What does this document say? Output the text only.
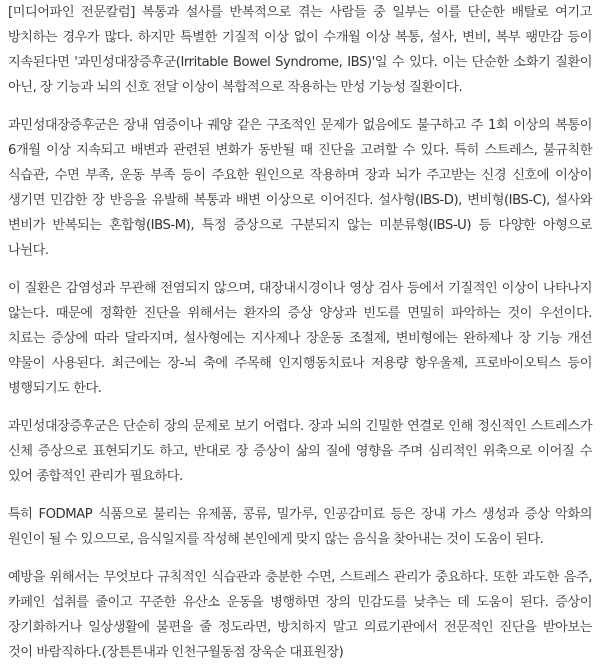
[미디어파인 전문칼럼] 복통과 설사를 반복적으로 겪는 사람들 중 일부는 이를 단순한 배탈로 여기고 방치하는 경우가 많다. 하지만 특별한 기질적 이상 없이 수개월 이상 복통, 설사, 변비, 복부 팽만감 등이 지속된다면 '과민성대장증후군(Irritable Bowel Syndrome, IBS)'일 수 있다. 이는 단순한 소화기 질환이 아닌, 장 기능과 뇌의 신호 전달 이상이 복합적으로 작용하는 만성 기능성 질환이다.

과민성대장증후군은 장내 염증이나 궤양 같은 구조적인 문제가 없음에도 불구하고 주 1회 이상의 복통이 6개월 이상 지속되고 배변과 관련된 변화가 동반될 때 진단을 고려할 수 있다. 특히 스트레스, 불규칙한 식습관, 수면 부족, 운동 부족 등이 주요한 원인으로 작용하며 장과 뇌가 주고받는 신경 신호에 이상이 생기면 민감한 장 반응을 유발해 복통과 배변 이상으로 이어진다. 설사형(IBS-D), 변비형(IBS-C), 설사와 변비가 반복되는 혼합형(IBS-M), 특정 증상으로 구분되지 않는 미분류형(IBS-U) 등 다양한 아형으로 나뉜다.

이 질환은 감염성과 무관해 전염되지 않으며, 대장내시경이나 영상 검사 등에서 기질적인 이상이 나타나지 않는다. 때문에 정확한 진단을 위해서는 환자의 증상 양상과 빈도를 면밀히 파악하는 것이 우선이다. 치료는 증상에 따라 달라지며, 설사형에는 지사제나 장운동 조절제, 변비형에는 완하제나 장 기능 개선 약물이 사용된다. 최근에는 장-뇌 축에 주목해 인지행동치료나 저용량 항우울제, 프로바이오틱스 등이 병행되기도 한다.

과민성대장증후군은 단순히 장의 문제로 보기 어렵다. 장과 뇌의 긴밀한 연결로 인해 정신적인 스트레스가 신체 증상으로 표현되기도 하고, 반대로 장 증상이 삶의 질에 영향을 주며 심리적인 위축으로 이어질 수 있어 종합적인 관리가 필요하다.

특히 FODMAP 식품으로 불리는 유제품, 콩류, 밀가루, 인공감미료 등은 장내 가스 생성과 증상 악화의 원인이 될 수 있으므로, 음식일지를 작성해 본인에게 맞지 않는 음식을 찾아내는 것이 도움이 된다.

예방을 위해서는 무엇보다 규칙적인 식습관과 충분한 수면, 스트레스 관리가 중요하다. 또한 과도한 음주, 카페인 섭취를 줄이고 꾸준한 유산소 운동을 병행하면 장의 민감도를 낮추는 데 도움이 된다. 증상이 장기화하거나 일상생활에 불편을 줄 정도라면, 방치하지 말고 의료기관에서 전문적인 진단을 받아보는 것이 바람직하다.(장튼튼내과 인천구월동점 장욱순 대표원장)
